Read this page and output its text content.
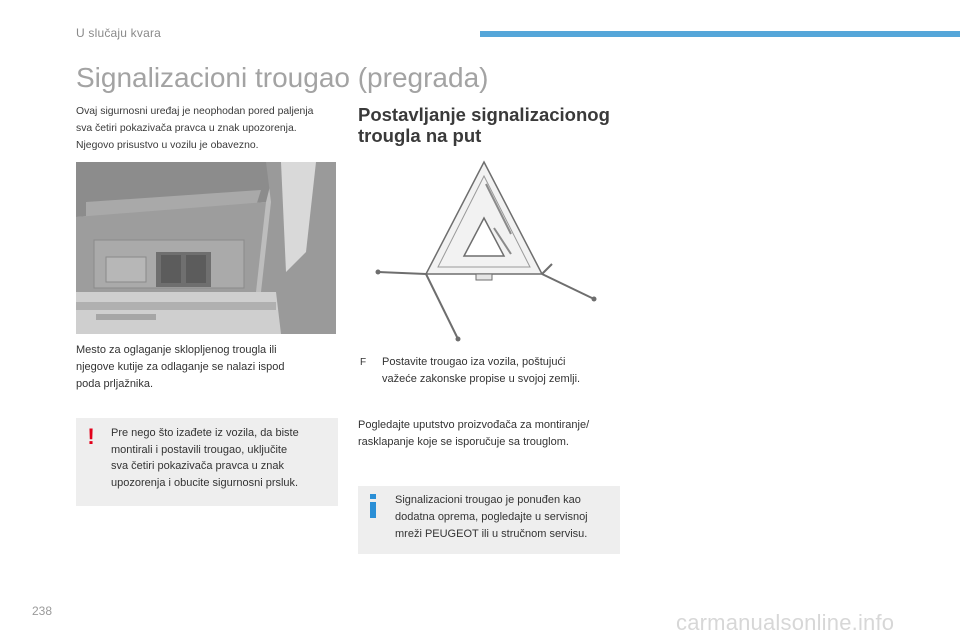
U slučaju kvara
Signalizacioni trougao (pregrada)
Ovaj sigurnosni uređaj je neophodan pored paljenja
sva četiri pokazivača pravca u znak upozorenja.
Njegovo prisustvo u vozilu je obavezno.
Mesto za oglaganje sklopljenog trougla ili
njegove kutije za odlaganje se nalazi ispod
poda prljažnika.
! Pre nego što izađete iz vozila, da biste
montirali i postavili trougao, uključite
sva četiri pokazivača pravca u znak
upozorenja i obucite sigurnosni prsluk.
Postavljanje signalizacionog
trougla na put
F	Postavite trougao iza vozila, poštujući
važeće zakonske propise u svojoj zemlji.
Pogledajte uputstvo proizvođača za montiranje/
rasklapanje koje se isporučuje sa trouglom.
Signalizacioni trougao je ponuđen kao
dodatna oprema, pogledajte u servisnoj
mreži PEUGEOT ili u stručnom servisu.
238	carmanualsonline.info
